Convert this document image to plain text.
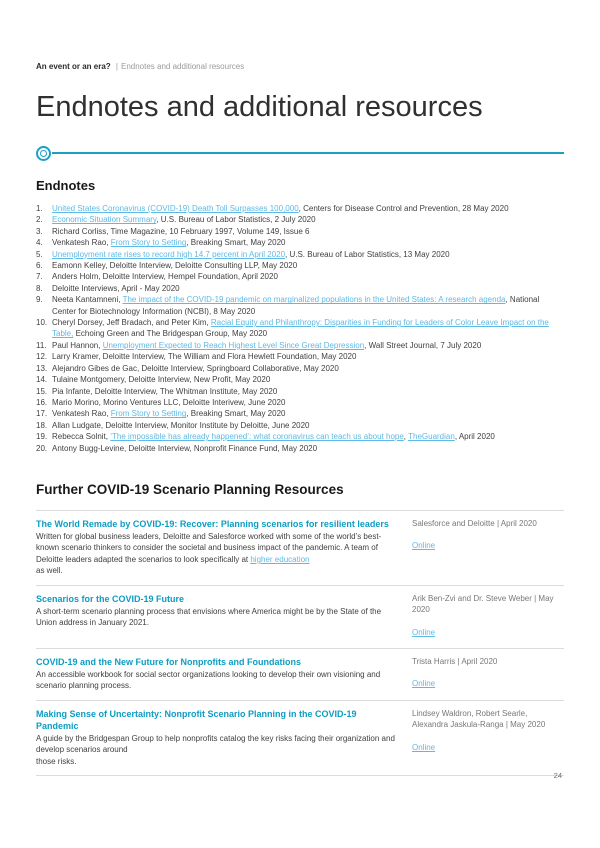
An event or an era? | Endnotes and additional resources
Endnotes and additional resources
Endnotes
1.	United States Coronavirus (COVID-19) Death Toll Surpasses 100,000, Centers for Disease Control and Prevention, 28 May 2020
2.	Economic Situation Summary, U.S. Bureau of Labor Statistics, 2 July 2020
3.	Richard Corliss, Time Magazine, 10 February 1997, Volume 149, Issue 6
4.	Venkatesh Rao, From Story to Setting, Breaking Smart, May 2020
5.	Unemployment rate rises to record high 14.7 percent in April 2020, U.S. Bureau of Labor Statistics, 13 May 2020
6.	Eamonn Kelley, Deloitte Interview, Deloitte Consulting LLP, May 2020
7.	Anders Holm, Deloitte Interview, Hempel Foundation, April 2020
8.	Deloitte Interviews, April - May 2020
9.	Neeta Kantamneni, The impact of the COVID-19 pandemic on marginalized populations in the United States: A research agenda, National Center for Biotechnology Information (NCBI), 8 May 2020
10. Cheryl Dorsey, Jeff Bradach, and Peter Kim, Racial Equity and Philanthropy: Disparities in Funding for Leaders of Color Leave Impact on the Table, Echoing Green and The Bridgespan Group, May 2020
11. Paul Hannon, Unemployment Expected to Reach Highest Level Since Great Depression, Wall Street Journal, 7 July 2020
12. Larry Kramer, Deloitte Interview, The William and Flora Hewlett Foundation, May 2020
13. Alejandro Gibes de Gac, Deloitte Interview, Springboard Collaborative, May 2020
14. Tulaine Montgomery, Deloitte Interview, New Profit, May 2020
15. Pia Infante, Deloitte Interview, The Whitman Institute, May 2020
16. Mario Morino, Morino Ventures LLC, Deloitte Interivew, June 2020
17. Venkatesh Rao, From Story to Setting, Breaking Smart, May 2020
18. Allan Ludgate, Deloitte Interview, Monitor Institute by Deloitte, June 2020
19. Rebecca Solnit, ‘The impossible has already happened’: what coronavirus can teach us about hope, TheGuardian, April 2020
20. Antony Bugg-Levine, Deloitte Interview, Nonprofit Finance Fund, May 2020
Further COVID-19 Scenario Planning Resources
The World Remade by COVID-19: Recover: Planning scenarios for resilient leaders

Written for global business leaders, Deloitte and Salesforce worked with some of the world’s best-known scenario thinkers to consider the societal and business impact of the pandemic. A team of Deloitte leaders adapted the scenarios to look specifically at higher education
as well.

Salesforce and Deloitte | April 2020
Online
Scenarios for the COVID-19 Future

A short-term scenario planning process that envisions where America might be by the State of the Union address in January 2021.

Arik Ben-Zvi and Dr. Steve Weber | May 2020
Online
COVID-19 and the New Future for Nonprofits and Foundations

An accessible workbook for social sector organizations looking to develop their own visioning and scenario planning process.

Trista Harris | April 2020
Online
Making Sense of Uncertainty: Nonprofit Scenario Planning in the COVID-19 Pandemic

A guide by the Bridgespan Group to help nonprofits catalog the key risks facing their organization and develop scenarios around
those risks.

Lindsey Waldron, Robert Searle, Alexandra Jaskula-Ranga | May 2020
Online
24
